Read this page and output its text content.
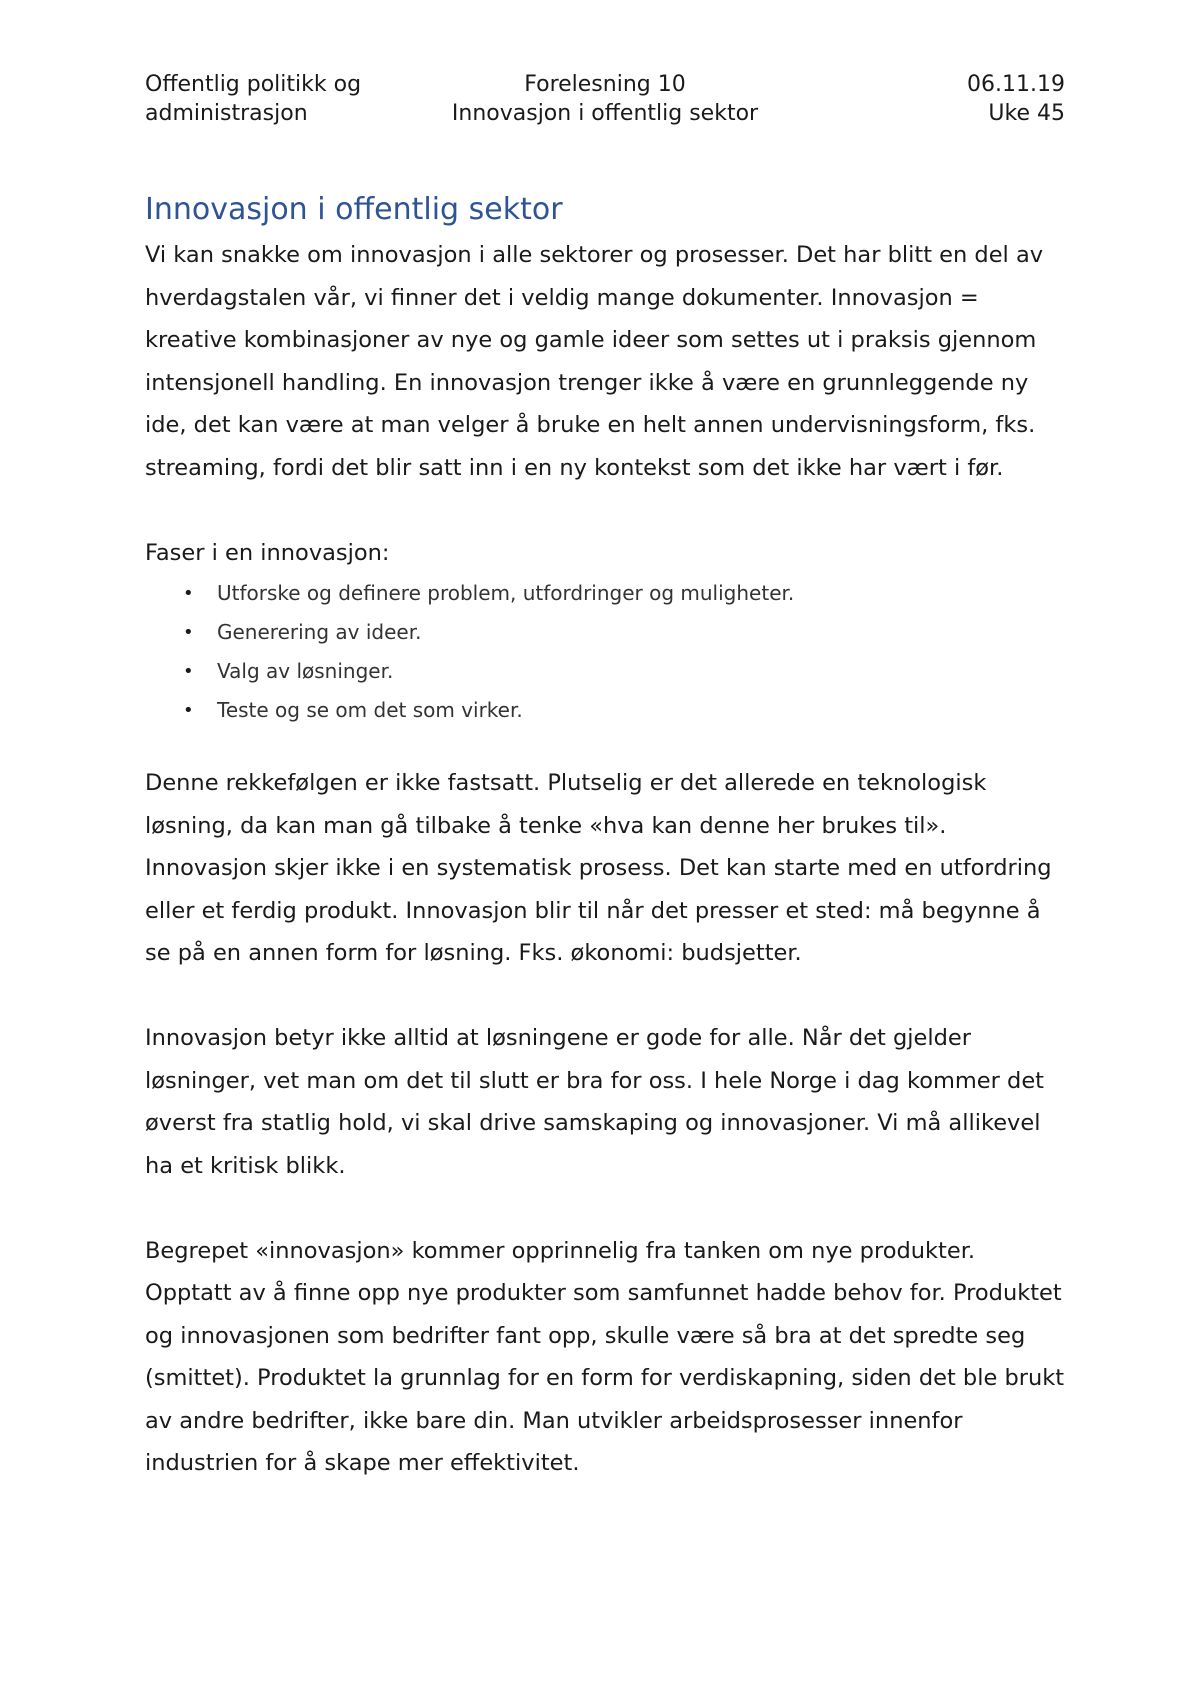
Offentlig politikk og
administrasjon
Forelesning 10
Innovasjon i offentlig sektor
06.11.19
Uke 45
Innovasjon i offentlig sektor

Vi kan snakke om innovasjon i alle sektorer og prosesser. Det har blitt en del av hverdagstalen vår, vi finner det i veldig mange dokumenter. Innovasjon = kreative kombinasjoner av nye og gamle ideer som settes ut i praksis gjennom intensjonell handling. En innovasjon trenger ikke å være en grunnleggende ny ide, det kan være at man velger å bruke en helt annen undervisningsform, fks. streaming, fordi det blir satt inn i en ny kontekst som det ikke har vært i før.

Faser i en innovasjon:

• Utforske og definere problem, utfordringer og muligheter.
• Generering av ideer.
• Valg av løsninger.
• Teste og se om det som virker.

Denne rekkefølgen er ikke fastsatt. Plutselig er det allerede en teknologisk løsning, da kan man gå tilbake å tenke «hva kan denne her brukes til». Innovasjon skjer ikke i en systematisk prosess. Det kan starte med en utfordring eller et ferdig produkt. Innovasjon blir til når det presser et sted: må begynne å se på en annen form for løsning. Fks. økonomi: budsjetter.

Innovasjon betyr ikke alltid at løsningene er gode for alle. Når det gjelder løsninger, vet man om det til slutt er bra for oss. I hele Norge i dag kommer det øverst fra statlig hold, vi skal drive samskaping og innovasjoner. Vi må allikevel ha et kritisk blikk.

Begrepet «innovasjon» kommer opprinnelig fra tanken om nye produkter. Opptatt av å finne opp nye produkter som samfunnet hadde behov for. Produktet og innovasjonen som bedrifter fant opp, skulle være så bra at det spredte seg (smittet). Produktet la grunnlag for en form for verdiskapning, siden det ble brukt av andre bedrifter, ikke bare din. Man utvikler arbeidsprosesser innenfor industrien for å skape mer effektivitet.
